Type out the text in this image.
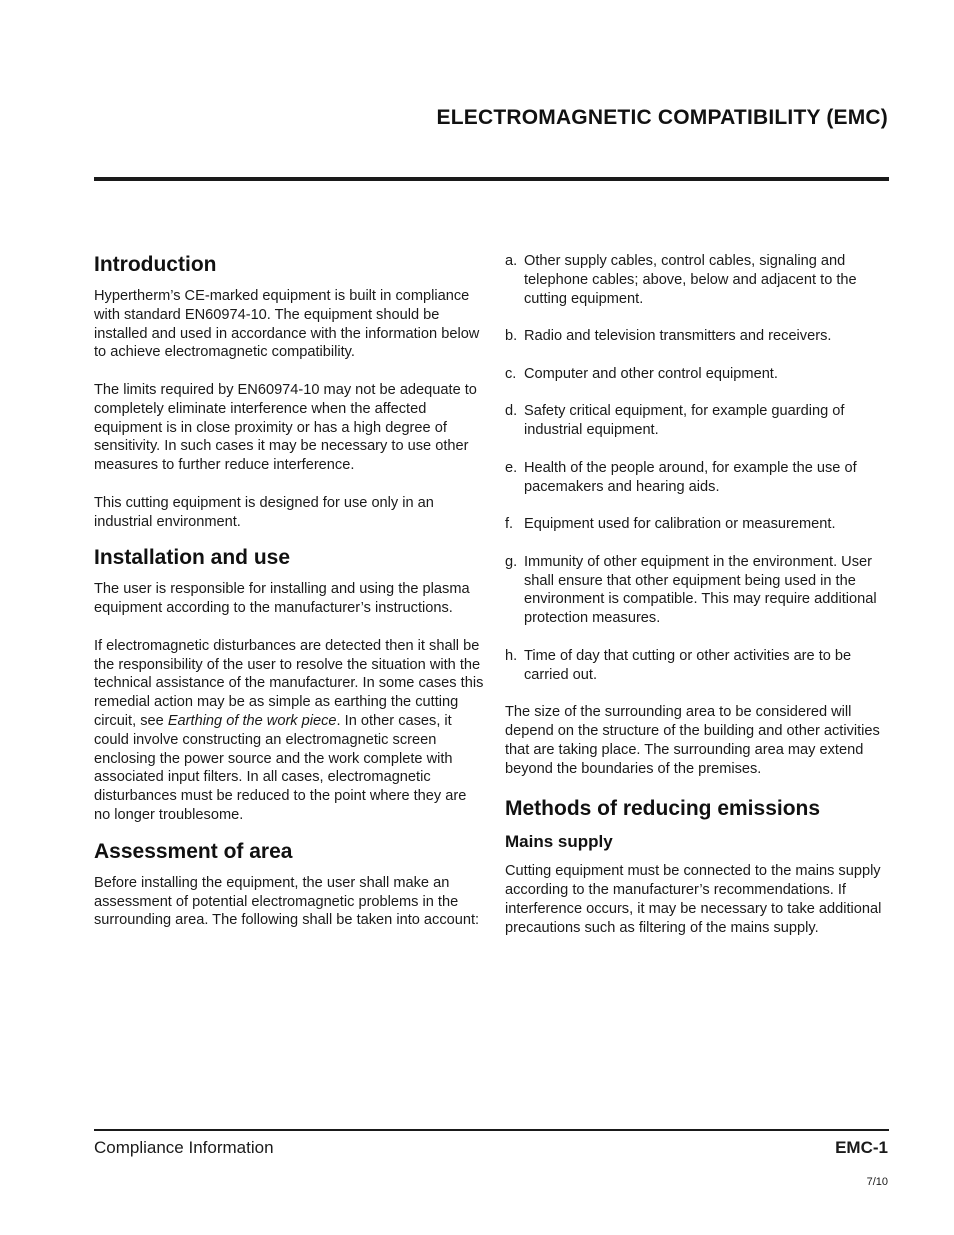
ELECTROMAGNETIC COMPATIBILITY (EMC)
Introduction

Hypertherm’s CE-marked equipment is built in compliance with standard EN60974-10. The equipment should be installed and used in accordance with the information below to achieve electromagnetic compatibility.

The limits required by EN60974-10 may not be adequate to completely eliminate interference when the affected equipment is in close proximity or has a high degree of sensitivity. In such cases it may be necessary to use other measures to further reduce interference.

This cutting equipment is designed for use only in an industrial environment.

Installation and use

The user is responsible for installing and using the plasma equipment according to the manufacturer’s instructions.

If electromagnetic disturbances are detected then it shall be the responsibility of the user to resolve the situation with the technical assistance of the manufacturer. In some cases this remedial action may be as simple as earthing the cutting circuit, see Earthing of the work piece. In other cases, it could involve constructing an electromagnetic screen enclosing the power source and the work complete with associated input filters. In all cases, electromagnetic disturbances must be reduced to the point where they are no longer troublesome.

Assessment of area

Before installing the equipment, the user shall make an assessment of potential electromagnetic problems in the surrounding area. The following shall be taken into account:

a. Other supply cables, control cables, signaling and telephone cables; above, below and adjacent to the cutting equipment.
b. Radio and television transmitters and receivers.
c. Computer and other control equipment.
d. Safety critical equipment, for example guarding of industrial equipment.
e. Health of the people around, for example the use of pacemakers and hearing aids.
f. Equipment used for calibration or measurement.
g. Immunity of other equipment in the environment. User shall ensure that other equipment being used in the environment is compatible. This may require additional protection measures.
h. Time of day that cutting or other activities are to be carried out.

The size of the surrounding area to be considered will depend on the structure of the building and other activities that are taking place. The surrounding area may extend beyond the boundaries of the premises.

Methods of reducing emissions
Mains supply

Cutting equipment must be connected to the mains supply according to the manufacturer’s recommendations. If interference occurs, it may be necessary to take additional precautions such as filtering of the mains supply.

Compliance Information	EMC-1
7/10
